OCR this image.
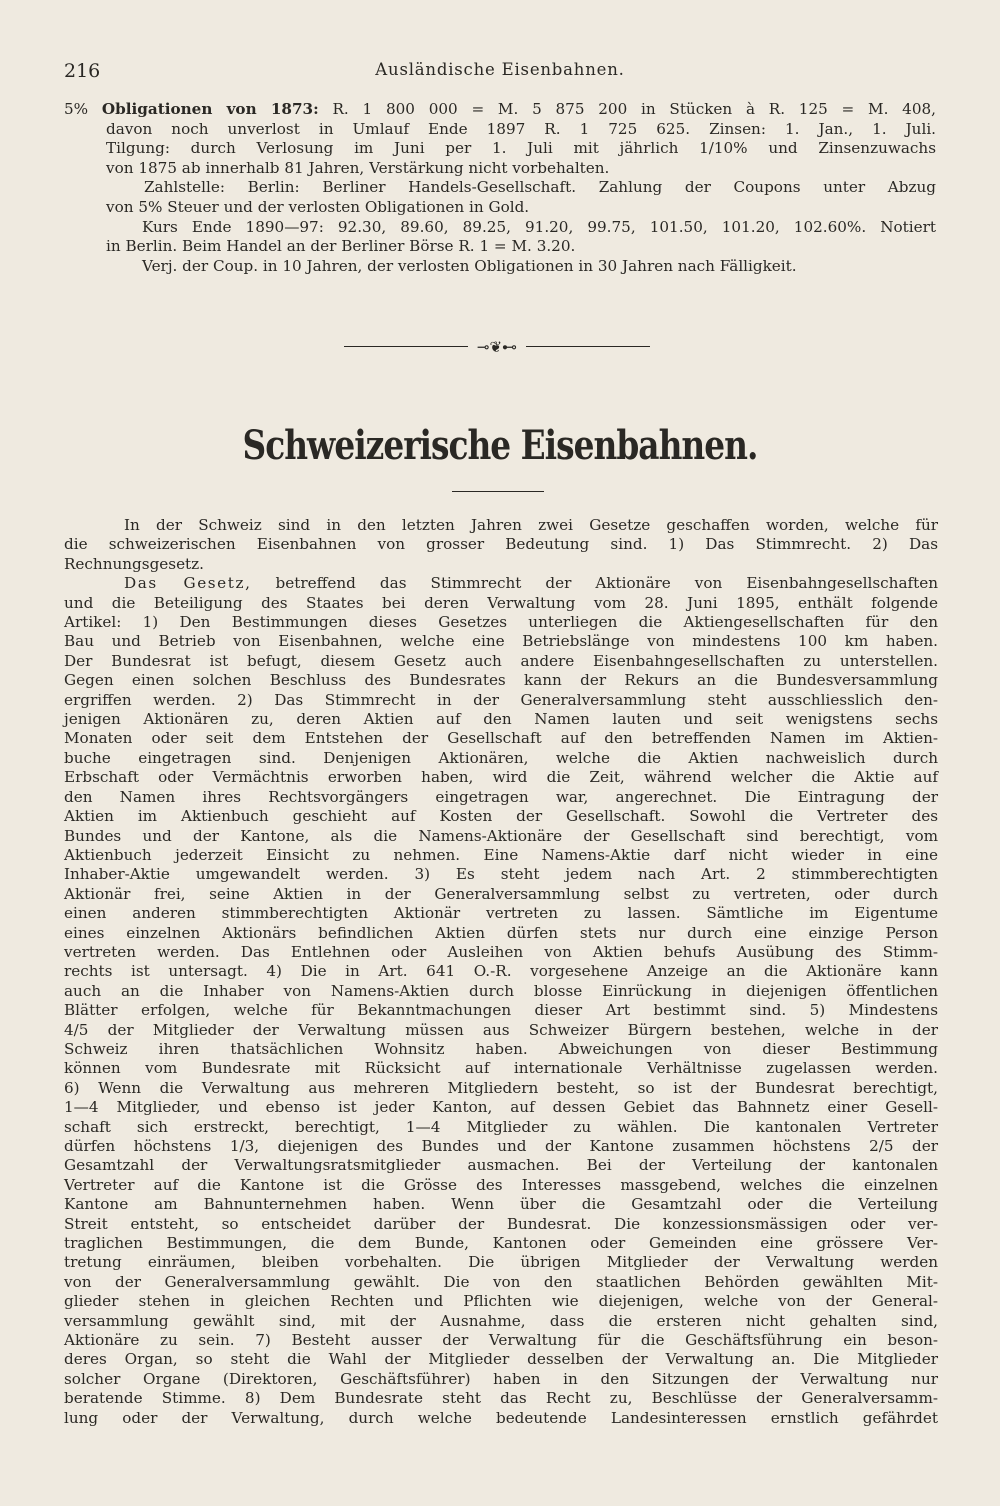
216	Ausländische Eisenbahnen.
5% Obligationen von 1873: R. 1 800 000 = M. 5 875 200 in Stücken à R. 125 = M. 408,
davon noch unverlost in Umlauf Ende 1897 R. 1 725 625. Zinsen: 1. Jan., 1. Juli.
Tilgung: durch Verlosung im Juni per 1. Juli mit jährlich 1/10% und Zinsenzuwachs
von 1875 ab innerhalb 81 Jahren, Verstärkung nicht vorbehalten.
Zahlstelle: Berlin: Berliner Handels-Gesellschaft. Zahlung der Coupons unter Abzug
von 5% Steuer und der verlosten Obligationen in Gold.
Kurs Ende 1890—97: 92.30, 89.60, 89.25, 91.20, 99.75, 101.50, 101.20, 102.60%. Notiert
in Berlin. Beim Handel an der Berliner Börse R. 1 = M. 3.20.
Verj. der Coup. in 10 Jahren, der verlosten Obligationen in 30 Jahren nach Fälligkeit.
⊸❦⊷
Schweizerische Eisenbahnen.
In der Schweiz sind in den letzten Jahren zwei Gesetze geschaffen worden, welche für
die schweizerischen Eisenbahnen von grosser Bedeutung sind. 1) Das Stimmrecht. 2) Das
Rechnungsgesetz.
Das Gesetz, betreffend das Stimmrecht der Aktionäre von Eisenbahngesellschaften
und die Beteiligung des Staates bei deren Verwaltung vom 28. Juni 1895, enthält folgende
Artikel: 1) Den Bestimmungen dieses Gesetzes unterliegen die Aktiengesellschaften für den
Bau und Betrieb von Eisenbahnen, welche eine Betriebslänge von mindestens 100 km haben.
Der Bundesrat ist befugt, diesem Gesetz auch andere Eisenbahngesellschaften zu unterstellen.
Gegen einen solchen Beschluss des Bundesrates kann der Rekurs an die Bundesversammlung
ergriffen werden. 2) Das Stimmrecht in der Generalversammlung steht ausschliesslich den-
jenigen Aktionären zu, deren Aktien auf den Namen lauten und seit wenigstens sechs
Monaten oder seit dem Entstehen der Gesellschaft auf den betreffenden Namen im Aktien-
buche eingetragen sind. Denjenigen Aktionären, welche die Aktien nachweislich durch
Erbschaft oder Vermächtnis erworben haben, wird die Zeit, während welcher die Aktie auf
den Namen ihres Rechtsvorgängers eingetragen war, angerechnet. Die Eintragung der
Aktien im Aktienbuch geschieht auf Kosten der Gesellschaft. Sowohl die Vertreter des
Bundes und der Kantone, als die Namens-Aktionäre der Gesellschaft sind berechtigt, vom
Aktienbuch jederzeit Einsicht zu nehmen. Eine Namens-Aktie darf nicht wieder in eine
Inhaber-Aktie umgewandelt werden. 3) Es steht jedem nach Art. 2 stimmberechtigten
Aktionär frei, seine Aktien in der Generalversammlung selbst zu vertreten, oder durch
einen anderen stimmberechtigten Aktionär vertreten zu lassen. Sämtliche im Eigentume
eines einzelnen Aktionärs befindlichen Aktien dürfen stets nur durch eine einzige Person
vertreten werden. Das Entlehnen oder Ausleihen von Aktien behufs Ausübung des Stimm-
rechts ist untersagt. 4) Die in Art. 641 O.-R. vorgesehene Anzeige an die Aktionäre kann
auch an die Inhaber von Namens-Aktien durch blosse Einrückung in diejenigen öffentlichen
Blätter erfolgen, welche für Bekanntmachungen dieser Art bestimmt sind. 5) Mindestens
4/5 der Mitglieder der Verwaltung müssen aus Schweizer Bürgern bestehen, welche in der
Schweiz ihren thatsächlichen Wohnsitz haben. Abweichungen von dieser Bestimmung
können vom Bundesrate mit Rücksicht auf internationale Verhältnisse zugelassen werden.
6) Wenn die Verwaltung aus mehreren Mitgliedern besteht, so ist der Bundesrat berechtigt,
1—4 Mitglieder, und ebenso ist jeder Kanton, auf dessen Gebiet das Bahnnetz einer Gesell-
schaft sich erstreckt, berechtigt, 1—4 Mitglieder zu wählen. Die kantonalen Vertreter
dürfen höchstens 1/3, diejenigen des Bundes und der Kantone zusammen höchstens 2/5 der
Gesamtzahl der Verwaltungsratsmitglieder ausmachen. Bei der Verteilung der kantonalen
Vertreter auf die Kantone ist die Grösse des Interesses massgebend, welches die einzelnen
Kantone am Bahnunternehmen haben. Wenn über die Gesamtzahl oder die Verteilung
Streit entsteht, so entscheidet darüber der Bundesrat. Die konzessionsmässigen oder ver-
traglichen Bestimmungen, die dem Bunde, Kantonen oder Gemeinden eine grössere Ver-
tretung einräumen, bleiben vorbehalten. Die übrigen Mitglieder der Verwaltung werden
von der Generalversammlung gewählt. Die von den staatlichen Behörden gewählten Mit-
glieder stehen in gleichen Rechten und Pflichten wie diejenigen, welche von der General-
versammlung gewählt sind, mit der Ausnahme, dass die ersteren nicht gehalten sind,
Aktionäre zu sein. 7) Besteht ausser der Verwaltung für die Geschäftsführung ein beson-
deres Organ, so steht die Wahl der Mitglieder desselben der Verwaltung an. Die Mitglieder
solcher Organe (Direktoren, Geschäftsführer) haben in den Sitzungen der Verwaltung nur
beratende Stimme. 8) Dem Bundesrate steht das Recht zu, Beschlüsse der Generalversamm-
lung oder der Verwaltung, durch welche bedeutende Landesinteressen ernstlich gefährdet
